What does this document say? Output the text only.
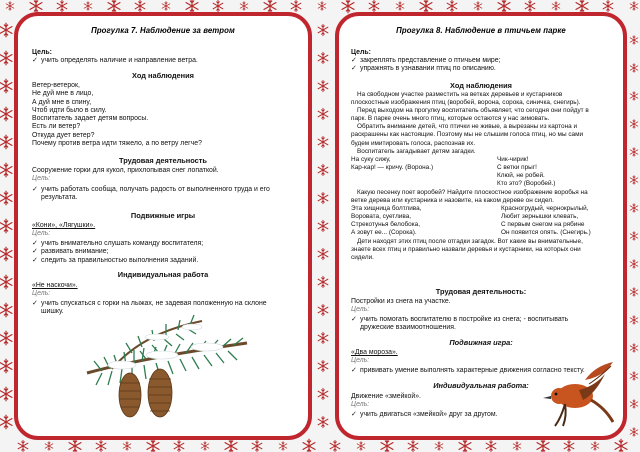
Прогулка 7. Наблюдение за ветром
Цель:
✓ учить определять наличие и направление ветра.
Ход наблюдения
Ветер-ветерок,
Не дуй мне в лицо,
А дуй мне в спину,
Чтоб идти было в силу.
Воспитатель задает детям вопросы.
Есть ли ветер?
Откуда дует ветер?
Почему против ветра идти тяжело, а по ветру легче?
Трудовая деятельность
Сооружение горки для кукол, прихлопывая снег лопаткой.
Цель:
✓ учить работать сообща, получать радость от выполненного труда и его
результата.
Подвижные игры
«Кони», «Лягушки».
Цель:
✓ учить внимательно слушать команду воспитателя;
✓ развивать внимание;
✓ следить за правильностью выполнения заданий.
Индивидуальная работа
«Не наскочи».
Цель:
✓ учить спускаться с горки на лыжах, не задевая положенную на склоне
шишку.
Прогулка 8. Наблюдение в птичьем парке
Цель:
✓ закреплять представление о птичьем мире;
✓ упражнять в узнавании птиц по описанию.
Ход наблюдения
На свободном участке разместить на ветках деревьев и кустарников
плоскостные изображения птиц (воробей, ворона, сорока, синичка, снегирь).
Перед выходом на прогулку воспитатель объявляет, что сегодня они пойдут в
парк. В парке очень много птиц, которые остаются у нас зимовать.
Обратить внимание детей, что птички не живые, а вырезаны из картона и
раскрашены как настоящие. Поэтому мы не слышим голоса птиц, но мы сами
будем имитировать голоса, распознав их.
Воспитатель загадывает детям загадки.
На суку сижу,
Кар-кар! — кричу. (Ворона.)
Чик-чирик!
С ветки прыг!
Клюй, не робей.
Кто это? (Воробей.)
Какую песенку поет воробей? Найдите плоскостное изображение воробья на
ветке дерева или кустарника и назовите, на каком дереве он сидел.
Эта хищница болтлива,
Воровата, суетлива,
Стрекотунья белобока,
А зовут ее... (Сорока).
Красногрудый, чернокрылый,
Любит зернышки клевать,
С первым снегом на рябине
Он появится опять. (Снегирь.)
Дети находят этих птиц после отгадки загадок. Вот какие вы внимательные,
знаете всех птиц и правильно назвали деревья и кустарники, на которых они
сидели.
Трудовая деятельность:
Постройки из снега на участке.
Цель:
✓ учить помогать воспитателю в постройке из снега; - воспитывать
дружеские взаимоотношения.
Подвижная игра:
«Два мороза».
Цель:
✓ прививать умение выполнять характерные движения согласно тексту.
Индивидуальная работа:
Движение «змейкой».
Цель:
✓ учить двигаться «змейкой» друг за другом.
